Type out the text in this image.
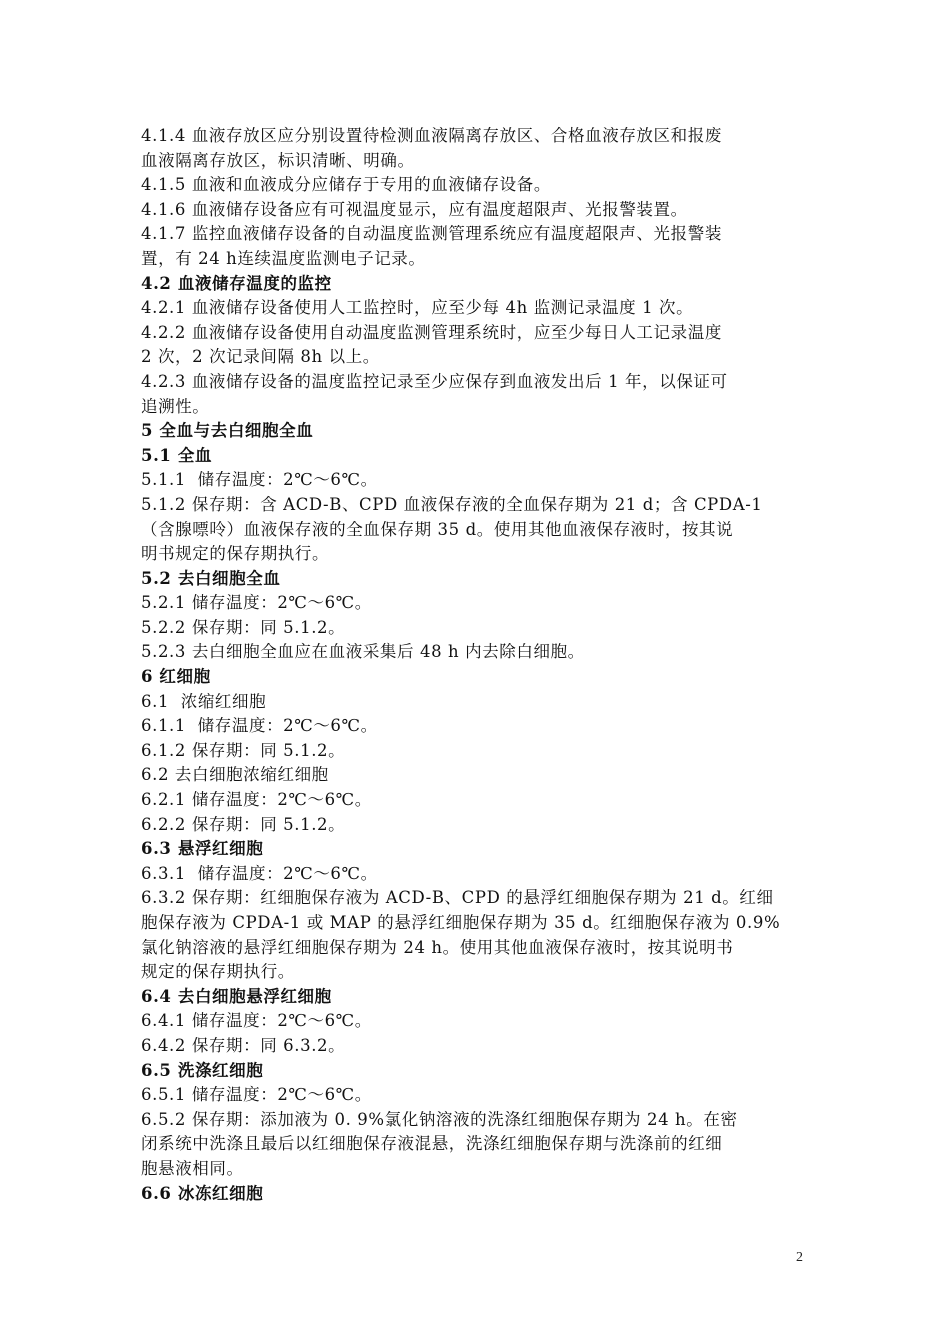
4.1.4 血液存放区应分别设置待检测血液隔离存放区、合格血液存放区和报废
血液隔离存放区，标识清晰、明确。
4.1.5 血液和血液成分应储存于专用的血液储存设备。
4.1.6 血液储存设备应有可视温度显示，应有温度超限声、光报警装置。
4.1.7 监控血液储存设备的自动温度监测管理系统应有温度超限声、光报警装
置，有 24 h连续温度监测电子记录。
4.2 血液储存温度的监控
4.2.1 血液储存设备使用人工监控时，应至少每 4h 监测记录温度 1 次。
4.2.2 血液储存设备使用自动温度监测管理系统时，应至少每日人工记录温度
2 次，2 次记录间隔 8h 以上。
4.2.3 血液储存设备的温度监控记录至少应保存到血液发出后 1 年，以保证可
追溯性。
5 全血与去白细胞全血
5.1 全血
5.1.1  储存温度：2℃～6℃。
5.1.2 保存期：含 ACD-B、CPD 血液保存液的全血保存期为 21 d；含 CPDA-1
（含腺嘌呤）血液保存液的全血保存期 35 d。使用其他血液保存液时，按其说
明书规定的保存期执行。
5.2 去白细胞全血
5.2.1 储存温度：2℃～6℃。
5.2.2 保存期：同 5.1.2。
5.2.3 去白细胞全血应在血液采集后 48 h 内去除白细胞。
6 红细胞
6.1  浓缩红细胞
6.1.1  储存温度：2℃～6℃。
6.1.2 保存期：同 5.1.2。
6.2 去白细胞浓缩红细胞
6.2.1 储存温度：2℃～6℃。
6.2.2 保存期：同 5.1.2。
6.3 悬浮红细胞
6.3.1  储存温度：2℃～6℃。
6.3.2 保存期：红细胞保存液为 ACD-B、CPD 的悬浮红细胞保存期为 21 d。红细
胞保存液为 CPDA-1 或 MAP 的悬浮红细胞保存期为 35 d。红细胞保存液为 0.9%
氯化钠溶液的悬浮红细胞保存期为 24 h。使用其他血液保存液时，按其说明书
规定的保存期执行。
6.4 去白细胞悬浮红细胞
6.4.1 储存温度：2℃～6℃。
6.4.2 保存期：同 6.3.2。
6.5 洗涤红细胞
6.5.1 储存温度：2℃～6℃。
6.5.2 保存期：添加液为 0. 9%氯化钠溶液的洗涤红细胞保存期为 24 h。在密
闭系统中洗涤且最后以红细胞保存液混悬，洗涤红细胞保存期与洗涤前的红细
胞悬液相同。
6.6 冰冻红细胞
2
